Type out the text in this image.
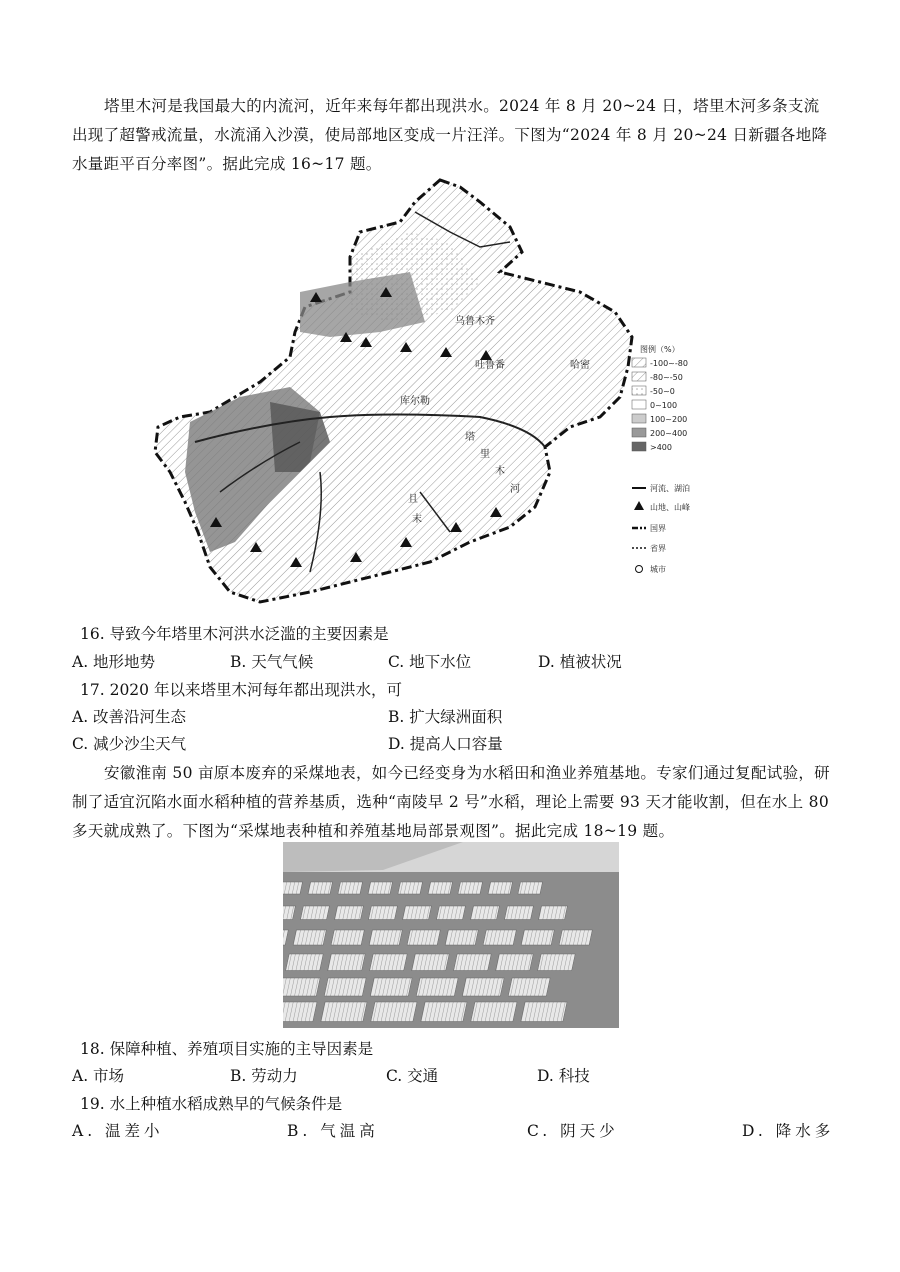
塔里木河是我国最大的内流河，近年来每年都出现洪水。2024 年 8 月 20~24 日，塔里木河多条支流出现了超警戒流量，水流涌入沙漠，使局部地区变成一片汪洋。下图为“2024 年 8 月 20~24 日新疆各地降水量距平百分率图”。据此完成 16~17 题。

乌鲁木齐
吐鲁番	哈密
塔
里
木
河
库尔勒
且
末
图例（%）
-100~-80
-80~-50
-50~0
0~100
100~200
200~400
>400
河流、湖泊
山地、山峰
国界
省界
城市

16. 导致今年塔里木河洪水泛滥的主要因素是

A. 地形地势	B. 天气气候	C. 地下水位	D. 植被状况

17. 2020 年以来塔里木河每年都出现洪水，可

A. 改善沿河生态	B. 扩大绿洲面积
C. 减少沙尘天气	D. 提高人口容量

安徽淮南 50 亩原本废弃的采煤地表，如今已经变身为水稻田和渔业养殖基地。专家们通过复配试验，研制了适宜沉陷水面水稻种植的营养基质，选种“南陵早 2 号”水稻，理论上需要 93 天才能收割，但在水上 80 多天就成熟了。下图为“采煤地表种植和养殖基地局部景观图”。据此完成 18~19 题。

18. 保障种植、养殖项目实施的主导因素是

A. 市场	B. 劳动力	C. 交通	D. 科技

19. 水上种植水稻成熟早的气候条件是

A. 温差小	B. 气温高	C. 阴天少	D. 降水多
